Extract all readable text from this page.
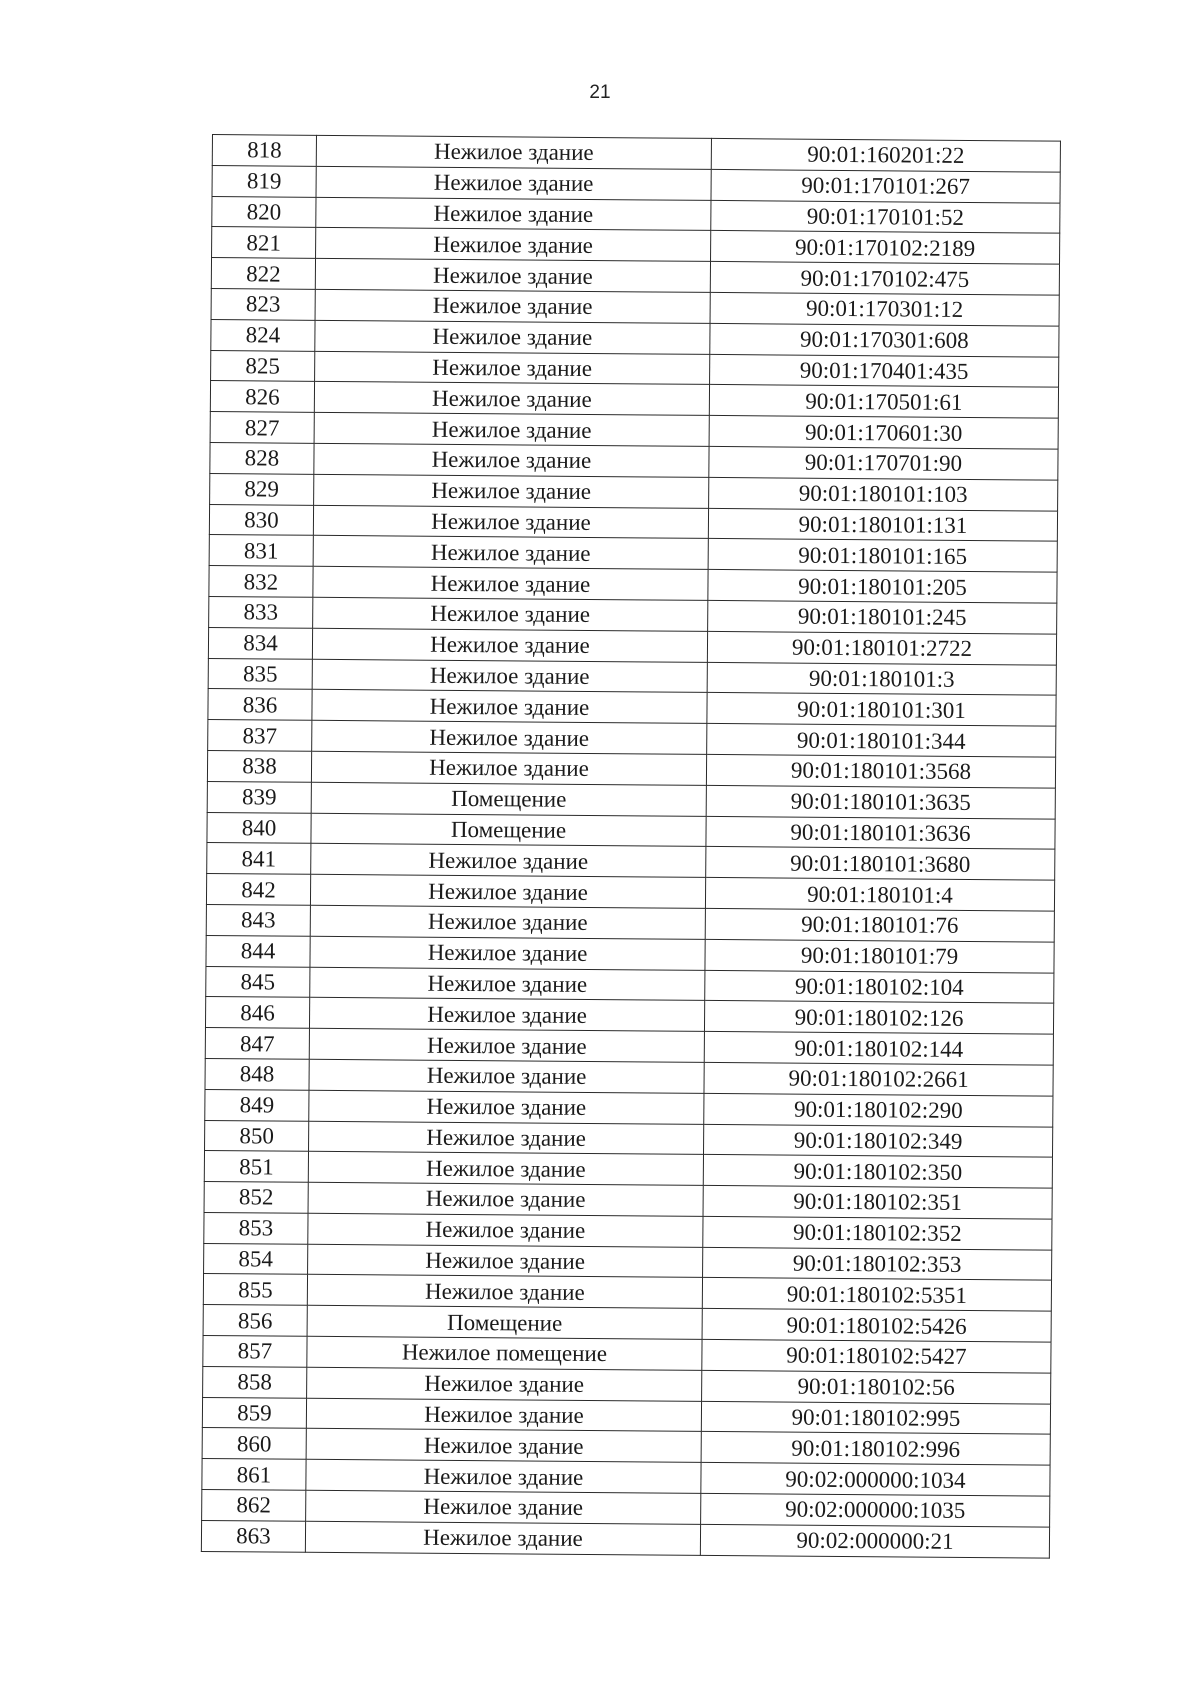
21
818	Нежилое здание	90:01:160201:22
819	Нежилое здание	90:01:170101:267
820	Нежилое здание	90:01:170101:52
821	Нежилое здание	90:01:170102:2189
822	Нежилое здание	90:01:170102:475
823	Нежилое здание	90:01:170301:12
824	Нежилое здание	90:01:170301:608
825	Нежилое здание	90:01:170401:435
826	Нежилое здание	90:01:170501:61
827	Нежилое здание	90:01:170601:30
828	Нежилое здание	90:01:170701:90
829	Нежилое здание	90:01:180101:103
830	Нежилое здание	90:01:180101:131
831	Нежилое здание	90:01:180101:165
832	Нежилое здание	90:01:180101:205
833	Нежилое здание	90:01:180101:245
834	Нежилое здание	90:01:180101:2722
835	Нежилое здание	90:01:180101:3
836	Нежилое здание	90:01:180101:301
837	Нежилое здание	90:01:180101:344
838	Нежилое здание	90:01:180101:3568
839	Помещение	90:01:180101:3635
840	Помещение	90:01:180101:3636
841	Нежилое здание	90:01:180101:3680
842	Нежилое здание	90:01:180101:4
843	Нежилое здание	90:01:180101:76
844	Нежилое здание	90:01:180101:79
845	Нежилое здание	90:01:180102:104
846	Нежилое здание	90:01:180102:126
847	Нежилое здание	90:01:180102:144
848	Нежилое здание	90:01:180102:2661
849	Нежилое здание	90:01:180102:290
850	Нежилое здание	90:01:180102:349
851	Нежилое здание	90:01:180102:350
852	Нежилое здание	90:01:180102:351
853	Нежилое здание	90:01:180102:352
854	Нежилое здание	90:01:180102:353
855	Нежилое здание	90:01:180102:5351
856	Помещение	90:01:180102:5426
857	Нежилое помещение	90:01:180102:5427
858	Нежилое здание	90:01:180102:56
859	Нежилое здание	90:01:180102:995
860	Нежилое здание	90:01:180102:996
861	Нежилое здание	90:02:000000:1034
862	Нежилое здание	90:02:000000:1035
863	Нежилое здание	90:02:000000:21
